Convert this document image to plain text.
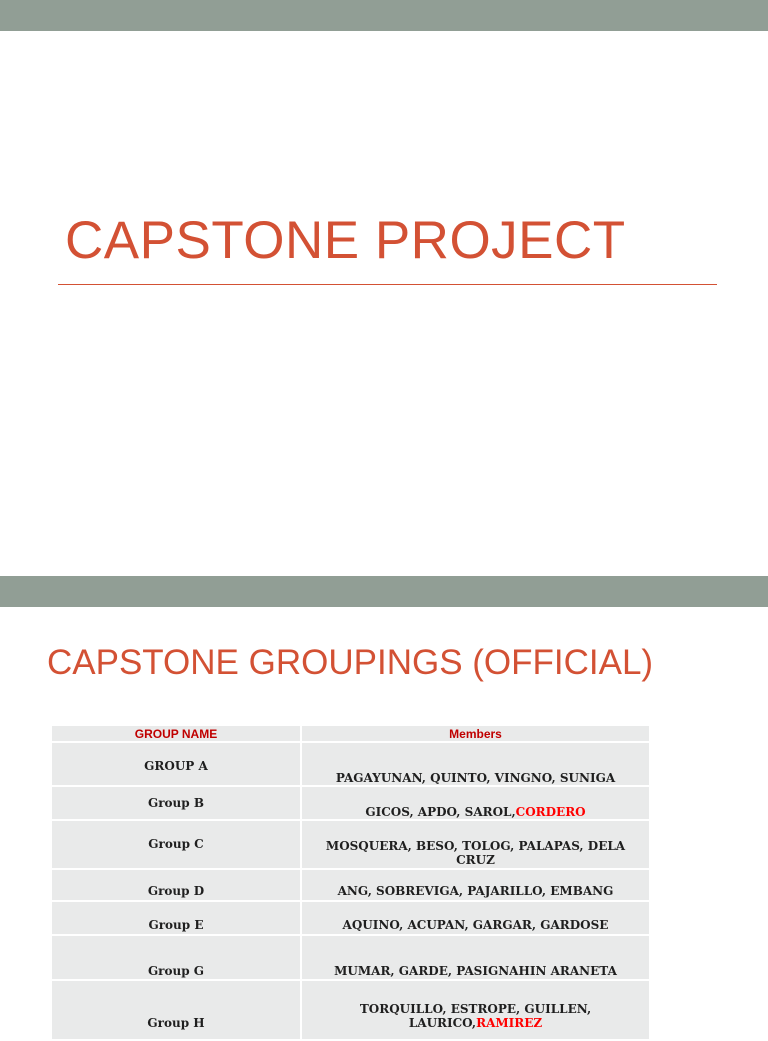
CAPSTONE PROJECT
CAPSTONE GROUPINGS (OFFICIAL)
GROUP NAME	Members
GROUP A	PAGAYUNAN, QUINTO, VINGNO, SUNIGA
Group B	GICOS, APDO, SAROL,CORDERO
Group C	MOSQUERA, BESO, TOLOG, PALAPAS, DELA CRUZ
Group D	ANG, SOBREVIGA, PAJARILLO, EMBANG
Group E	AQUINO, ACUPAN, GARGAR, GARDOSE
Group G	MUMAR, GARDE, PASIGNAHIN ARANETA
Group H	TORQUILLO, ESTROPE, GUILLEN, LAURICO,RAMIREZ
